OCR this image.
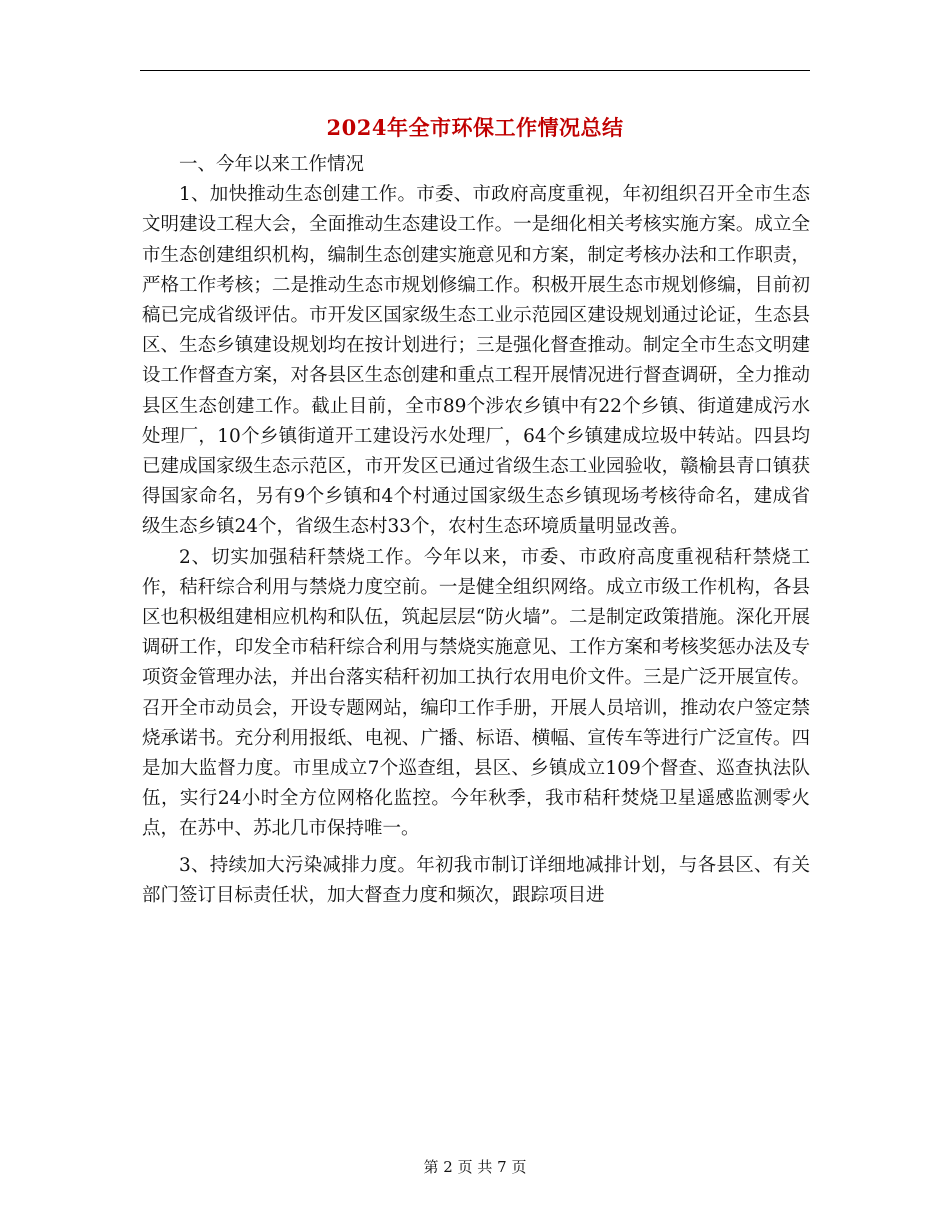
2024年全市环保工作情况总结

一、今年以来工作情况

1、加快推动生态创建工作。市委、市政府高度重视，年初组织召开全市生态文明建设工程大会，全面推动生态建设工作。一是细化相关考核实施方案。成立全市生态创建组织机构，编制生态创建实施意见和方案，制定考核办法和工作职责，严格工作考核；二是推动生态市规划修编工作。积极开展生态市规划修编，目前初稿已完成省级评估。市开发区国家级生态工业示范园区建设规划通过论证，生态县区、生态乡镇建设规划均在按计划进行；三是强化督查推动。制定全市生态文明建设工作督查方案，对各县区生态创建和重点工程开展情况进行督查调研，全力推动县区生态创建工作。截止目前，全市89个涉农乡镇中有22个乡镇、街道建成污水处理厂，10个乡镇街道开工建设污水处理厂，64个乡镇建成垃圾中转站。四县均已建成国家级生态示范区，市开发区已通过省级生态工业园验收，赣榆县青口镇获得国家命名，另有9个乡镇和4个村通过国家级生态乡镇现场考核待命名，建成省级生态乡镇24个，省级生态村33个，农村生态环境质量明显改善。

2、切实加强秸秆禁烧工作。今年以来，市委、市政府高度重视秸秆禁烧工作，秸秆综合利用与禁烧力度空前。一是健全组织网络。成立市级工作机构，各县区也积极组建相应机构和队伍，筑起层层“防火墙”。二是制定政策措施。深化开展调研工作，印发全市秸秆综合利用与禁烧实施意见、工作方案和考核奖惩办法及专项资金管理办法，并出台落实秸秆初加工执行农用电价文件。三是广泛开展宣传。召开全市动员会，开设专题网站，编印工作手册，开展人员培训，推动农户签定禁烧承诺书。充分利用报纸、电视、广播、标语、横幅、宣传车等进行广泛宣传。四是加大监督力度。市里成立7个巡查组，县区、乡镇成立109个督查、巡查执法队伍，实行24小时全方位网格化监控。今年秋季，我市秸秆焚烧卫星遥感监测零火点，在苏中、苏北几市保持唯一。

3、持续加大污染减排力度。年初我市制订详细地减排计划，与各县区、有关部门签订目标责任状，加大督查力度和频次，跟踪项目进

第 2 页 共 7 页
